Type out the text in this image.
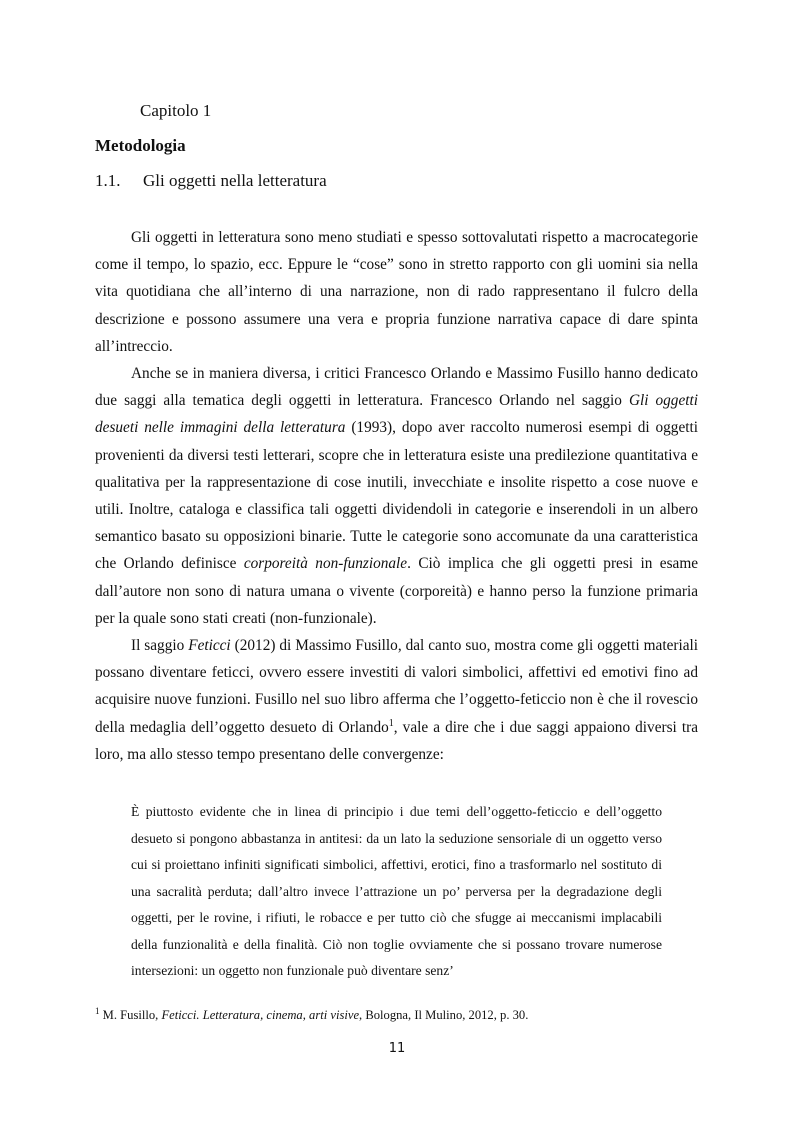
Capitolo 1
Metodologia
1.1. Gli oggetti nella letteratura

Gli oggetti in letteratura sono meno studiati e spesso sottovalutati rispetto a macrocategorie come il tempo, lo spazio, ecc. Eppure le “cose” sono in stretto rapporto con gli uomini sia nella vita quotidiana che all’interno di una narrazione, non di rado rappresentano il fulcro della descrizione e possono assumere una vera e propria funzione narrativa capace di dare spinta all’intreccio.

Anche se in maniera diversa, i critici Francesco Orlando e Massimo Fusillo hanno dedicato due saggi alla tematica degli oggetti in letteratura. Francesco Orlando nel saggio Gli oggetti desueti nelle immagini della letteratura (1993), dopo aver raccolto numerosi esempi di oggetti provenienti da diversi testi letterari, scopre che in letteratura esiste una predilezione quantitativa e qualitativa per la rappresentazione di cose inutili, invecchiate e insolite rispetto a cose nuove e utili. Inoltre, cataloga e classifica tali oggetti dividendoli in categorie e inserendoli in un albero semantico basato su opposizioni binarie. Tutte le categorie sono accomunate da una caratteristica che Orlando definisce corporeità non-funzionale. Ciò implica che gli oggetti presi in esame dall’autore non sono di natura umana o vivente (corporeità) e hanno perso la funzione primaria per la quale sono stati creati (non-funzionale).

Il saggio Feticci (2012) di Massimo Fusillo, dal canto suo, mostra come gli oggetti materiali possano diventare feticci, ovvero essere investiti di valori simbolici, affettivi ed emotivi fino ad acquisire nuove funzioni. Fusillo nel suo libro afferma che l’oggetto-feticcio non è che il rovescio della medaglia dell’oggetto desueto di Orlando$^1$, vale a dire che i due saggi appaiono diversi tra loro, ma allo stesso tempo presentano delle convergenze:

È piuttosto evidente che in linea di principio i due temi dell’oggetto-feticcio e dell’oggetto desueto si pongono abbastanza in antitesi: da un lato la seduzione sensoriale di un oggetto verso cui si proiettano infiniti significati simbolici, affettivi, erotici, fino a trasformarlo nel sostituto di una sacralità perduta; dall’altro invece l’attrazione un po’ perversa per la degradazione degli oggetti, per le rovine, i rifiuti, le robacce e per tutto ciò che sfugge ai meccanismi implacabili della funzionalità e della finalità. Ciò non toglie ovviamente che si possano trovare numerose intersezioni: un oggetto non funzionale può diventare senz’

$^1$ M. Fusillo, Feticci. Letteratura, cinema, arti visive, Bologna, Il Mulino, 2012, p. 30.
11
